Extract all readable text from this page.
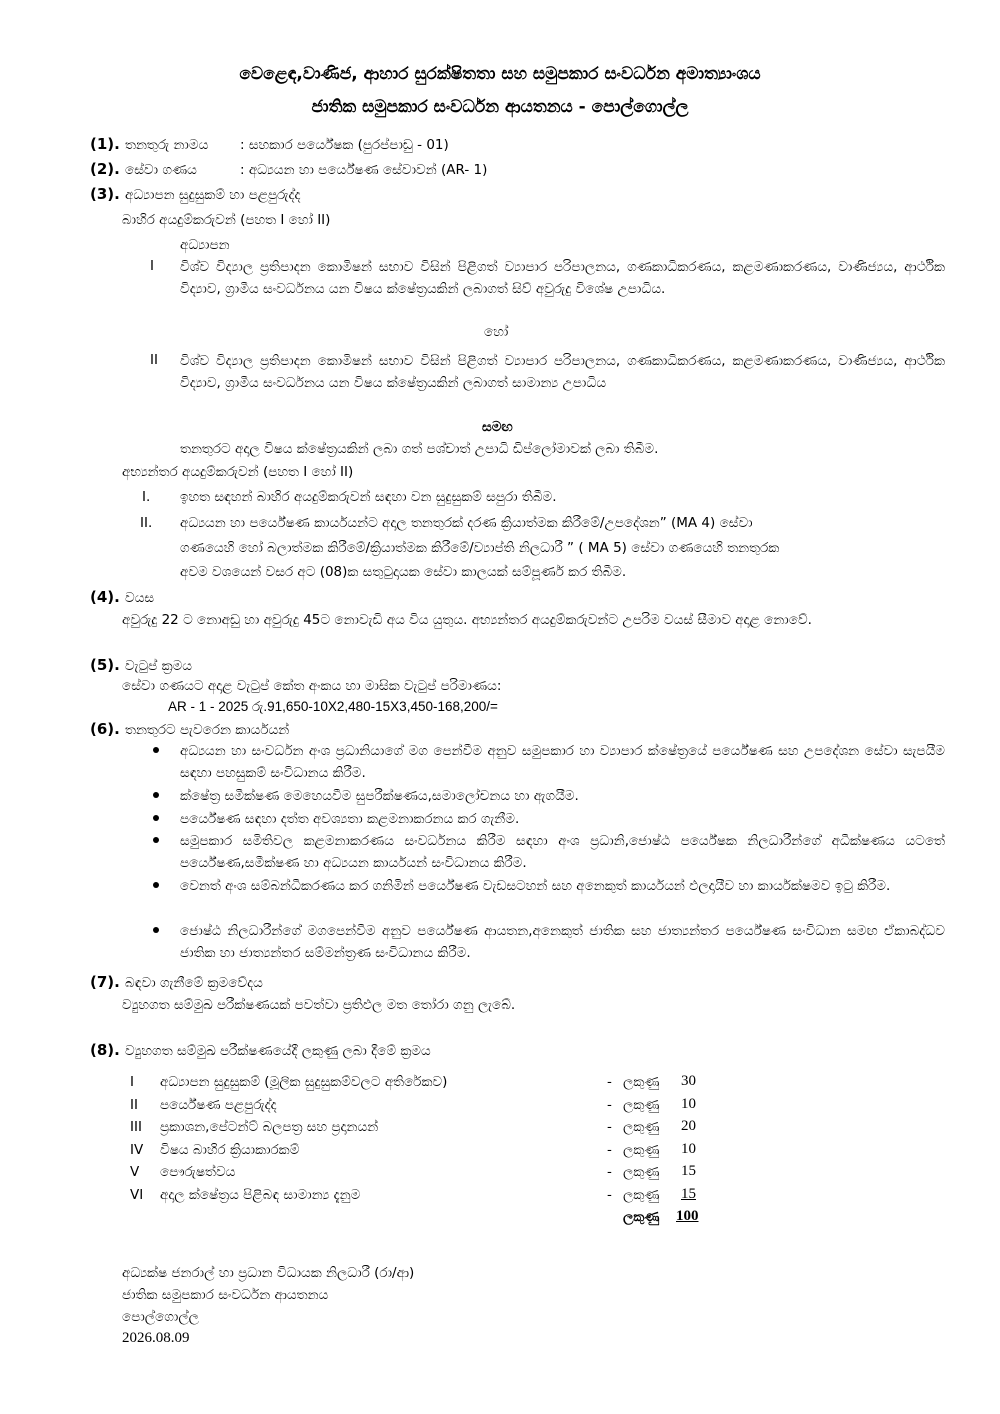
වෙළෙඳ,වාණිජ, ආහාර සුරක්ෂිතතා සහ සමුපකාර සංවර්ධන අමාත්‍යාංශය
ජාතික සමුපකාර සංවර්ධන ආයතනය - පොල්ගොල්ල
(1). තනතුරු නාමය : සහකාර පර්යේෂක (පුරප්පාඩු - 01)
(2). සේවා ගණය	: අධ්‍යයන හා පර්යේෂණ සේවාවන් (AR- 1)
(3). අධ්‍යාපන සුදුසුකම් හා පළපුරුද්ද
බාහිර අයදුම්කරුවන් (පහත I හෝ II)
අධ්‍යාපන
I විශ්ව විද්‍යාල ප්‍රතිපාදන කොමිෂන් සභාව විසින් පිළිගත් ව්‍යාපාර පරිපාලනය, ගණකාධිකරණය, කළමණාකරණය, වාණිජ්‍යය, ආර්ථික විද්‍යාව, ග්‍රාමීය සංවර්ධනය යන විෂය ක්ෂේත්‍රයකින් ලබාගත් සිව් අවුරුදු විශේෂ උපාධිය.
හෝ
II විශ්ව විද්‍යාල ප්‍රතිපාදන කොමිෂන් සභාව විසින් පිළිගත් ව්‍යාපාර පරිපාලනය, ගණකාධිකරණය, කළමණාකරණය, වාණිජ්‍යය, ආර්ථික විද්‍යාව, ග්‍රාමීය සංවර්ධනය යන විෂය ක්ෂේත්‍රයකින් ලබාගත් සාමාන්‍ය උපාධිය
සමඟ
තනතුරට අදාල විෂය ක්ෂේත්‍රයකින් ලබා ගත් පශ්චාත් උපාධි ඩිප්ලෝමාවක් ලබා තිබීම.
අභ්‍යන්තර අයදුම්කරුවන් (පහත I හෝ II)
I. ඉහත සඳහන් බාහිර අයදුම්කරුවන් සඳහා වන සුදුසුකම් සපුරා තිබීම.
II. අධ්‍යයන හා පර්යේෂණ කාර්යයන්ට අදාල තනතුරක් දරණ ක්‍රියාත්මක කිරීමේ/උපදේශන” (MA 4) සේවා
ගණයෙහි හෝ බලාත්මක කිරීමේ/ක්‍රියාත්මක කිරීමේ/ව්‍යාප්ති නිලධාරී ” ( MA 5) සේවා ගණයෙහි තනතුරක
අවම වශයෙන් වසර අට (08)ක සතුටුදායක සේවා කාලයක් සම්පූර්ණ කර තිබීම.
(4). වයස
අවුරුදු 22 ට නොඅඩු හා අවුරුදු 45ට නොවැඩි අය විය යුතුය. අභ්‍යන්තර අයදුම්කරුවන්ට උපරිම වයස් සීමාව අදාළ නොවේ.
(5). වැටුප් ක්‍රමය
සේවා ගණයට අදාළ වැටුප් කේත අංකය හා මාසික වැටුප් පරිමාණය:
AR - 1 - 2025 රු.91,650-10X2,480-15X3,450-168,200/=
(6). තනතුරට පැවරෙන කාර්යයන්
අධ්‍යයන හා සංවර්ධන අංශ ප්‍රධානියාගේ මග පෙන්වීම අනුව සමුපකාර හා ව්‍යාපාර ක්ෂේත්‍රයේ පර්යේෂණ සහ උපදේශන සේවා සැපයීම සඳහා පහසුකම් සංවිධානය කිරීම.
ක්ෂේත්‍ර සමීක්ෂණ මෙහෙයවීම සුපරීක්ෂණය,සමාලෝචනය හා ඇගයීම.
පර්යේෂණ සඳහා දත්ත අවශ්‍යතා කළමනාකරනය කර ගැනීම.
සමුපකාර සමිතිවල කළමනාකරණය සංවර්ධනය කිරීම සඳහා අංශ ප්‍රධානි,ජොෂ්ඨ පර්යේෂක නිලධාරීන්ගේ අධීක්ෂණය යටතේ පර්යේෂණ,සමීක්ෂණ හා අධ්‍යයන කාර්යයන් සංවිධානය කිරීම.
වෙනත් අංශ සම්බන්ධීකරණය කර ගනිමින් පර්යේෂණ වැඩසටහන් සහ අනෙකුත් කාර්යයන් ඵලදායීව හා කාර්යක්ෂමව ඉටු කිරීම.
ජොෂ්ඨ නිලධාරීන්ගේ මගපෙන්වීම අනුව පර්යේෂණ ආයතන,අනෙකුත් ජාතික සහ ජාත්‍යන්තර පර්යේෂණ සංවිධාන සමඟ ඒකාබද්ධව ජාතික හා ජාත්‍යන්තර සම්මන්ත්‍රණ සංවිධානය කිරීම.
(7). බඳවා ගැනීමේ ක්‍රමවේදය
ව්‍යුහගත සම්මුඛ පරීක්ෂණයක් පවත්වා ප්‍රතිඵල මත තෝරා ගනු ලැබේ.
(8). ව්‍යුහගත සම්මුඛ පරීක්ෂණයේදී ලකුණු ලබා දීමේ ක්‍රමය
I අධ්‍යාපන සුදුසුකම් (මූලික සුදුසුකම්වලට අතිරේකව)	- ලකුණු 30
II පර්යේෂණ පළපුරුද්ද	- ලකුණු 10
III ප්‍රකාශන,පේටන්ට් බලපත්‍ර සහ ප්‍රදානයන්	- ලකුණු 20
IV විෂය බාහිර ක්‍රියාකාරකම්	- ලකුණු 10
V පෞරුෂත්වය	- ලකුණු 15
VI අදාල ක්ෂේත්‍රය පිළිබඳ සාමාන්‍ය දැනුම	- ලකුණු 15
ලකුණු 100
අධ්‍යක්ෂ ජනරාල් හා ප්‍රධාන විධායක නිලධාරී (රා/ආ)
ජාතික සමුපකාර සංවර්ධන ආයතනය
පොල්ගොල්ල
2026.08.09
